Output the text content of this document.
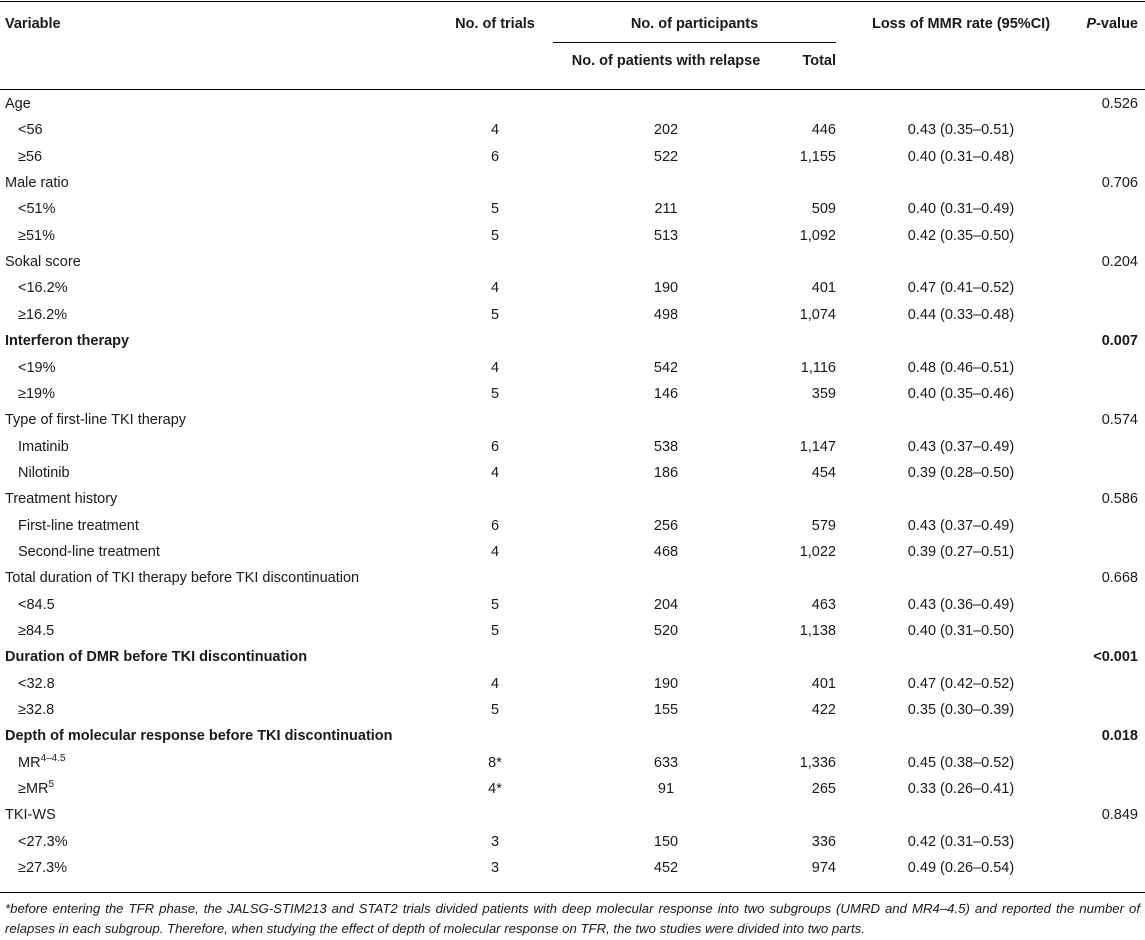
Variable	No. of trials	No. of participants
No. of patients with relapse	Total
Loss of MMR rate (95%CI)	P-value
Age	0.526
<56	4	202	446	0.43 (0.35–0.51)
≥56	6	522	1,155	0.40 (0.31–0.48)
Male ratio	0.706
<51%	5	211	509	0.40 (0.31–0.49)
≥51%	5	513	1,092	0.42 (0.35–0.50)
Sokal score	0.204
<16.2%	4	190	401	0.47 (0.41–0.52)
≥16.2%	5	498	1,074	0.44 (0.33–0.48)
Interferon therapy	0.007
<19%	4	542	1,116	0.48 (0.46–0.51)
≥19%	5	146	359	0.40 (0.35–0.46)
Type of first-line TKI therapy	0.574
Imatinib	6	538	1,147	0.43 (0.37–0.49)
Nilotinib	4	186	454	0.39 (0.28–0.50)
Treatment history	0.586
First-line treatment	6	256	579	0.43 (0.37–0.49)
Second-line treatment	4	468	1,022	0.39 (0.27–0.51)
Total duration of TKI therapy before TKI discontinuation	0.668
<84.5	5	204	463	0.43 (0.36–0.49)
≥84.5	5	520	1,138	0.40 (0.31–0.50)
Duration of DMR before TKI discontinuation	<0.001
<32.8	4	190	401	0.47 (0.42–0.52)
≥32.8	5	155	422	0.35 (0.30–0.39)
Depth of molecular response before TKI discontinuation	0.018
$MR^{4-4.5}$	8*	633	1,336	0.45 (0.38–0.52)
$\ge MR^5$	4*	91	265	0.33 (0.26–0.41)
TKI-WS	0.849
<27.3%	3	150	336	0.42 (0.31–0.53)
≥27.3%	3	452	974	0.49 (0.26–0.54)
*before entering the TFR phase, the JALSG-STIM213 and STAT2 trials divided patients with deep molecular response into two subgroups (UMRD and MR4–4.5) and reported the number of relapses in each subgroup. Therefore, when studying the effect of depth of molecular response on TFR, the two studies were divided into two parts.
